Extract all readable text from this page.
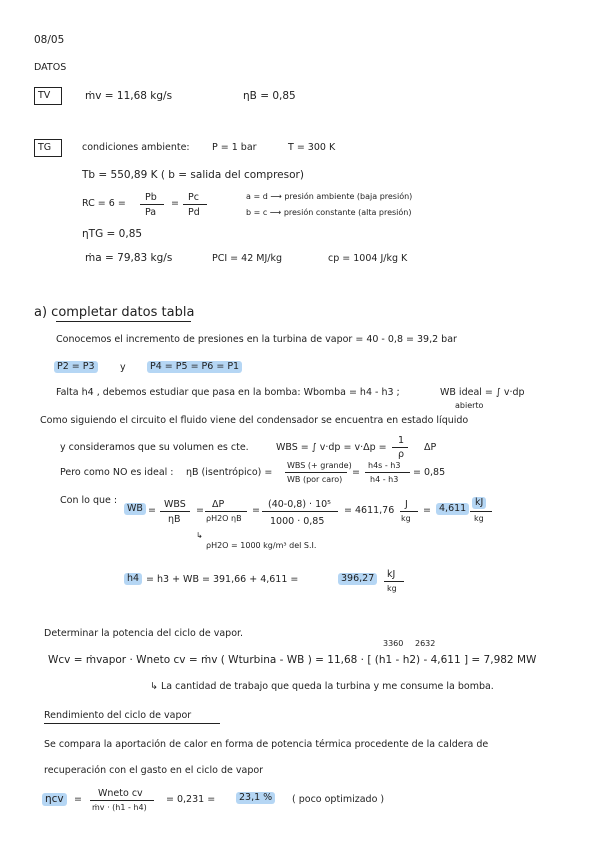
08/05
DATOS
TV	ṁv = 11,68 kg/s	ηB = 0,85
TG	condiciones ambiente: P = 1 bar	T = 300 K
Tb = 550,89 K ( b = salida del compresor)
RC = 6 =
Pb
Pa
=
Pc
Pd
a = d ⟶ presión ambiente (baja presión)
b = c ⟶ presión constante (alta presión)
ηTG = 0,85
ṁa = 79,83 kg/s	PCI = 42 MJ/kg	cp = 1004 J/kg K
a) completar datos tabla
Conocemos el incremento de presiones en la turbina de vapor = 40 - 0,8 = 39,2 bar
P2 = P3	y	P4 = P5 = P6 = P1
Falta h4 , debemos estudiar que pasa en la bomba: Wbomba = h4 - h3 ;	WB ideal = ∫ v·dp
abierto
Como siguiendo el circuito el fluido viene del condensador se encuentra en estado líquido
y consideramos que su volumen es cte.	WBS = ∫ v·dp = v·Δp =
1
ρ
ΔP
Pero como NO es ideal : ηB (isentrópico) =
WBS (+ grande)
WB (por caro)
=
h4s - h3
h4 - h3
= 0,85
Con lo que :
WB =
WBS
ηB
=
ΔP
ρH2O ηB
=
(40-0,8) · 10⁵
1000 · 0,85
= 4611,76
J
kg
= 4,611
kJ
kg
↳
ρH2O = 1000 kg/m³ del S.I.
h4 = h3 + WB = 391,66 + 4,611 =	396,27	kJ
kg
Determinar la potencia del ciclo de vapor.
3360 2632
Wcv = ṁvapor · Wneto cv = ṁv ( Wturbina - WB ) = 11,68 · [ (h1 - h2) - 4,611 ] = 7,982 MW
↳ La cantidad de trabajo que queda la turbina y me consume la bomba.
Rendimiento del ciclo de vapor
Se compara la aportación de calor en forma de potencia térmica procedente de la caldera de
recuperación con el gasto en el ciclo de vapor
ηcv	=
Wneto cv
ṁv · (h1 - h4)
= 0,231 =	23,1 %	( poco optimizado )
